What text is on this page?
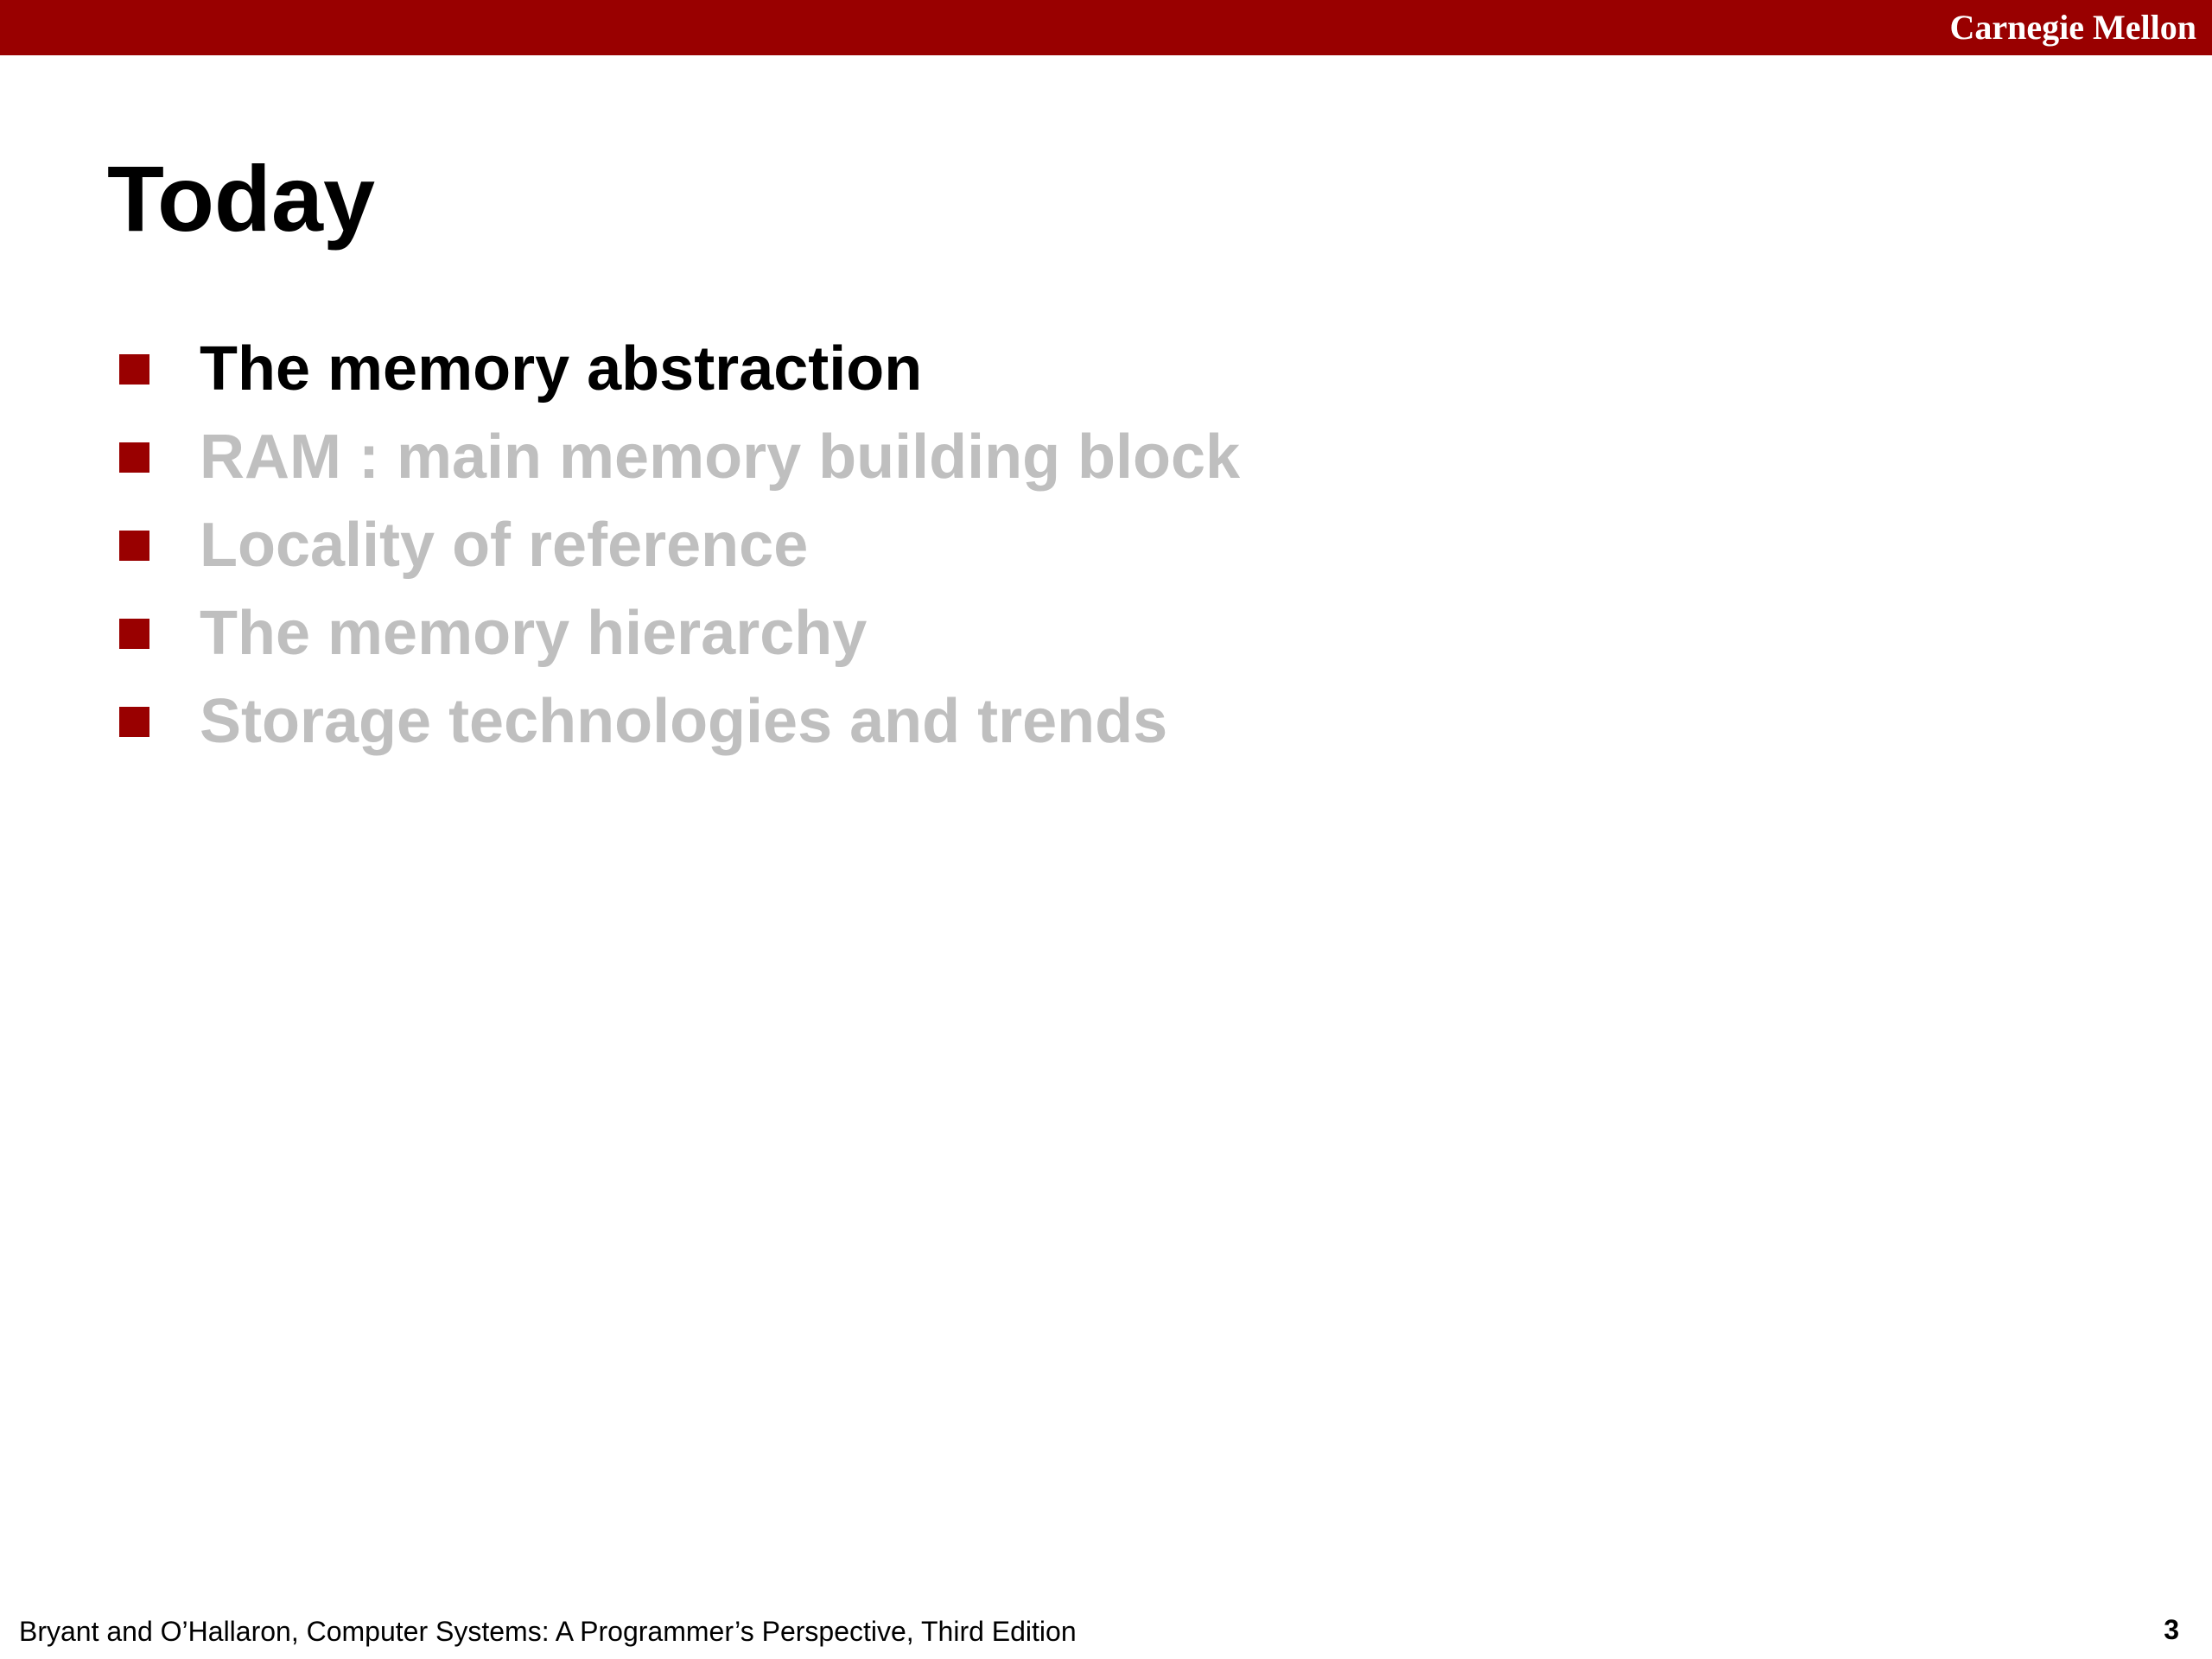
Carnegie Mellon
Today
The memory abstraction
RAM : main memory building block
Locality of reference
The memory hierarchy
Storage technologies and trends
Bryant and O’Hallaron, Computer Systems: A Programmer’s Perspective, Third Edition	3
